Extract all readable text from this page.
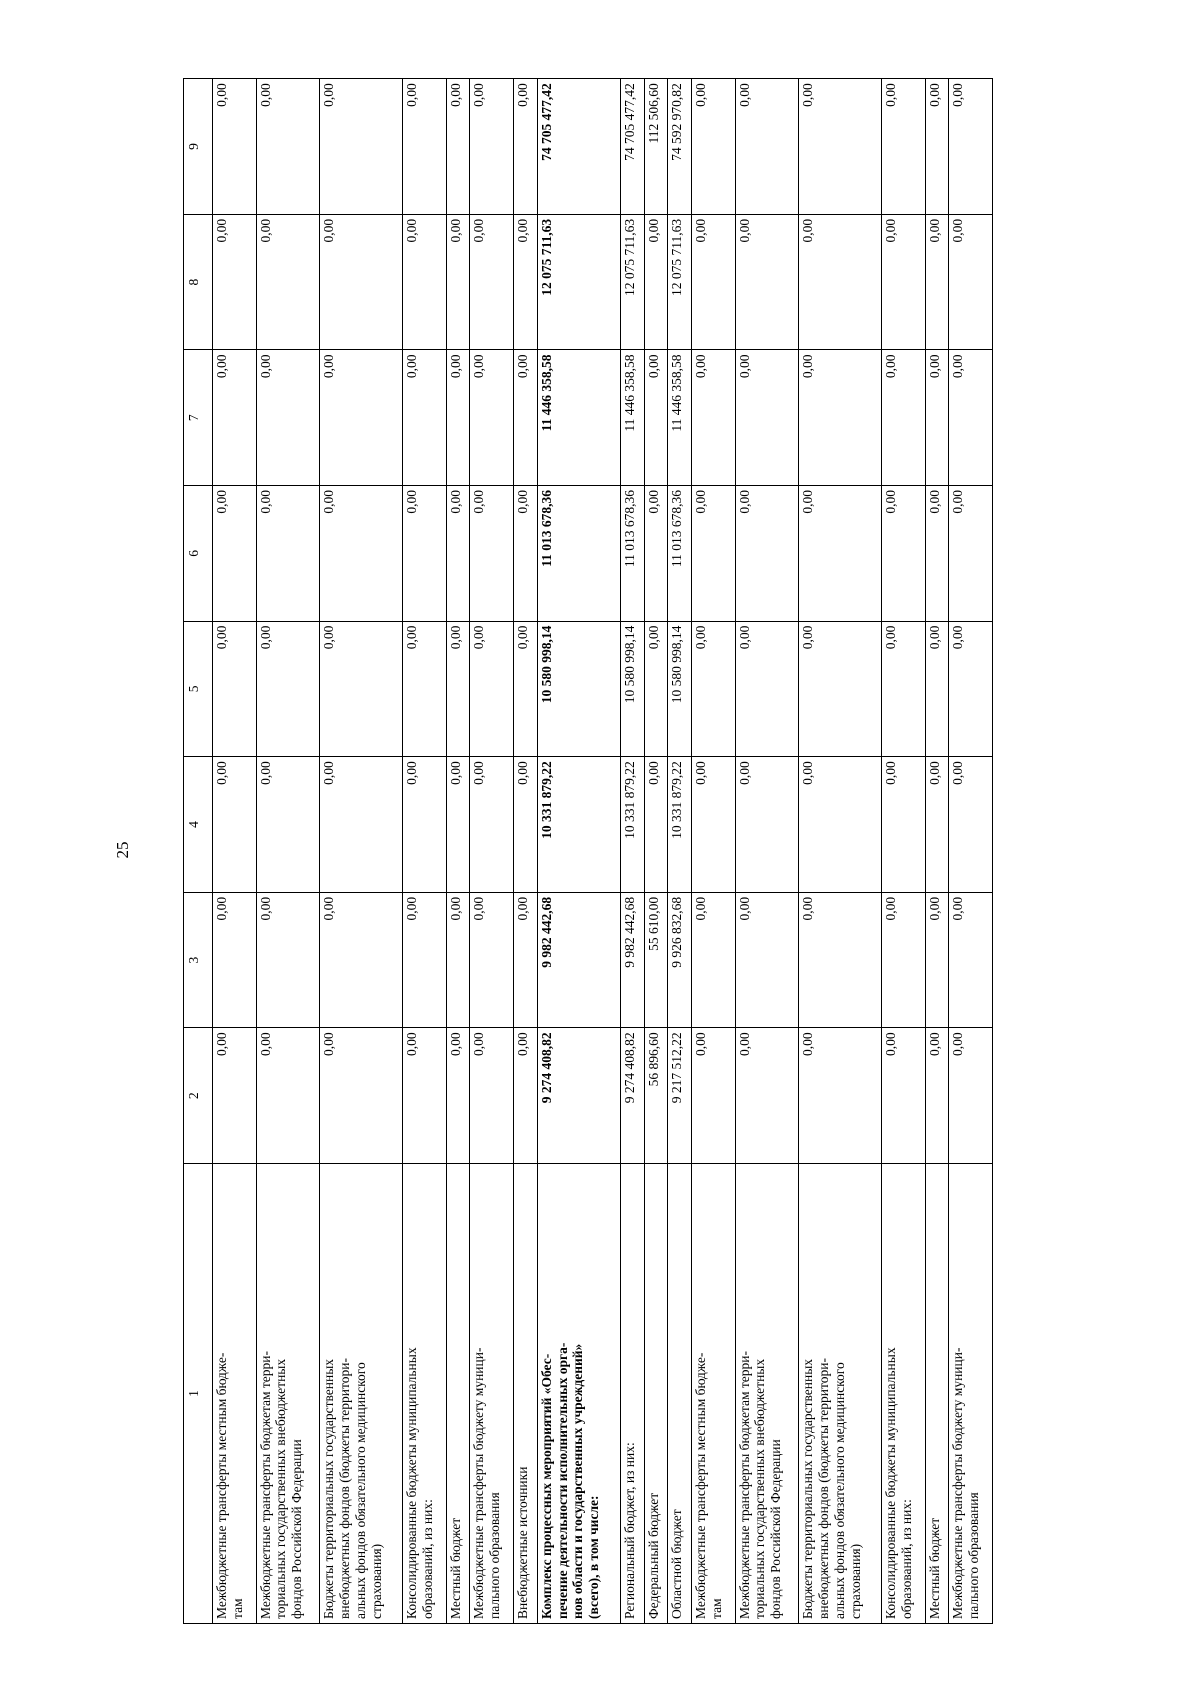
25
1	2	3	4	5	6	7	8	9
Межбюджетные трансферты местным бюдже-
там	0,00	0,00	0,00	0,00	0,00	0,00	0,00	0,00
Межбюджетные трансферты бюджетам терри-
ториальных государственных внебюджетных
фондов Российской Федерации	0,00	0,00	0,00	0,00	0,00	0,00	0,00	0,00
Бюджеты территориальных государственных
внебюджетных фондов (бюджеты территори-
альных фондов обязательного медицинского
страхования)	0,00	0,00	0,00	0,00	0,00	0,00	0,00	0,00
Консолидированные бюджеты муниципальных
образований, из них:	0,00	0,00	0,00	0,00	0,00	0,00	0,00	0,00
Местный бюджет	0,00	0,00	0,00	0,00	0,00	0,00	0,00	0,00
Межбюджетные трансферты бюджету муници-
пального образования	0,00	0,00	0,00	0,00	0,00	0,00	0,00	0,00
Внебюджетные источники	0,00	0,00	0,00	0,00	0,00	0,00	0,00	0,00
Комплекс процессных мероприятий «Обес-
печение деятельности исполнительных орга-
нов области и государственных учреждений»
(всего), в том числе:	9 274 408,82	9 982 442,68	10 331 879,22	10 580 998,14	11 013 678,36	11 446 358,58	12 075 711,63	74 705 477,42
Региональный бюджет, из них:	9 274 408,82	9 982 442,68	10 331 879,22	10 580 998,14	11 013 678,36	11 446 358,58	12 075 711,63	74 705 477,42
Федеральный бюджет	56 896,60	55 610,00	0,00	0,00	0,00	0,00	0,00	112 506,60
Областной бюджет	9 217 512,22	9 926 832,68	10 331 879,22	10 580 998,14	11 013 678,36	11 446 358,58	12 075 711,63	74 592 970,82
Межбюджетные трансферты местным бюдже-
там	0,00	0,00	0,00	0,00	0,00	0,00	0,00	0,00
Межбюджетные трансферты бюджетам терри-
ториальных государственных внебюджетных
фондов Российской Федерации	0,00	0,00	0,00	0,00	0,00	0,00	0,00	0,00
Бюджеты территориальных государственных
внебюджетных фондов (бюджеты территори-
альных фондов обязательного медицинского
страхования)	0,00	0,00	0,00	0,00	0,00	0,00	0,00	0,00
Консолидированные бюджеты муниципальных
образований, из них:	0,00	0,00	0,00	0,00	0,00	0,00	0,00	0,00
Местный бюджет	0,00	0,00	0,00	0,00	0,00	0,00	0,00	0,00
Межбюджетные трансферты бюджету муници-
пального образования	0,00	0,00	0,00	0,00	0,00	0,00	0,00	0,00
